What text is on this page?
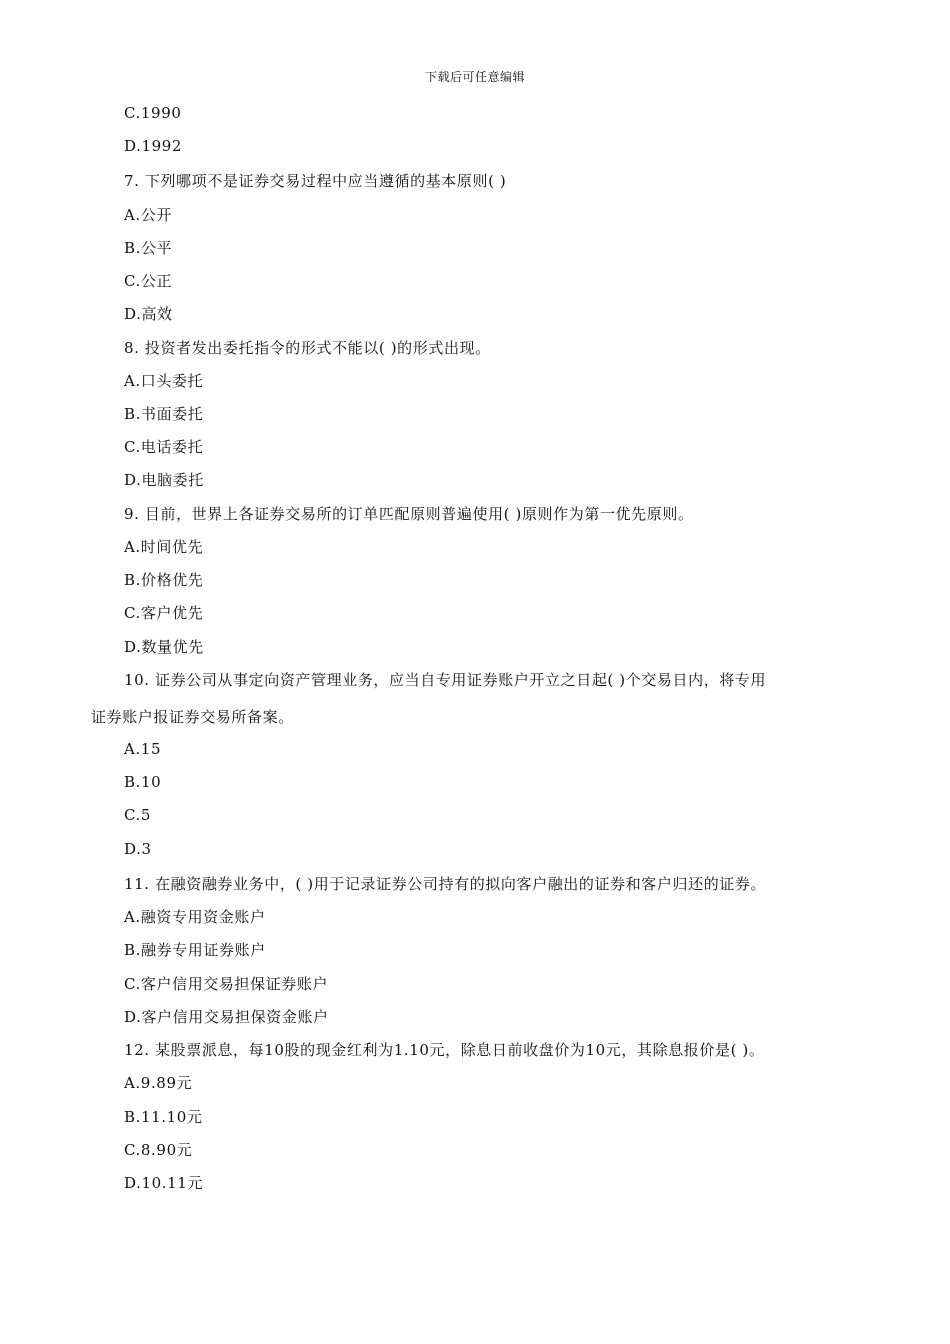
下载后可任意编辑
C.1990
D.1992
7. 下列哪项不是证券交易过程中应当遵循的基本原则( )
A.公开
B.公平
C.公正
D.高效
8. 投资者发出委托指令的形式不能以( )的形式出现。
A.口头委托
B.书面委托
C.电话委托
D.电脑委托
9. 目前，世界上各证券交易所的订单匹配原则普遍使用( )原则作为第一优先原则。
A.时间优先
B.价格优先
C.客户优先
D.数量优先
10. 证券公司从事定向资产管理业务，应当自专用证券账户开立之日起( )个交易日内，将专用
证券账户报证券交易所备案。
A.15
B.10
C.5
D.3
11. 在融资融券业务中，( )用于记录证券公司持有的拟向客户融出的证券和客户归还的证券。
A.融资专用资金账户
B.融券专用证券账户
C.客户信用交易担保证券账户
D.客户信用交易担保资金账户
12. 某股票派息，每10股的现金红利为1.10元，除息日前收盘价为10元，其除息报价是( )。
A.9.89元
B.11.10元
C.8.90元
D.10.11元
